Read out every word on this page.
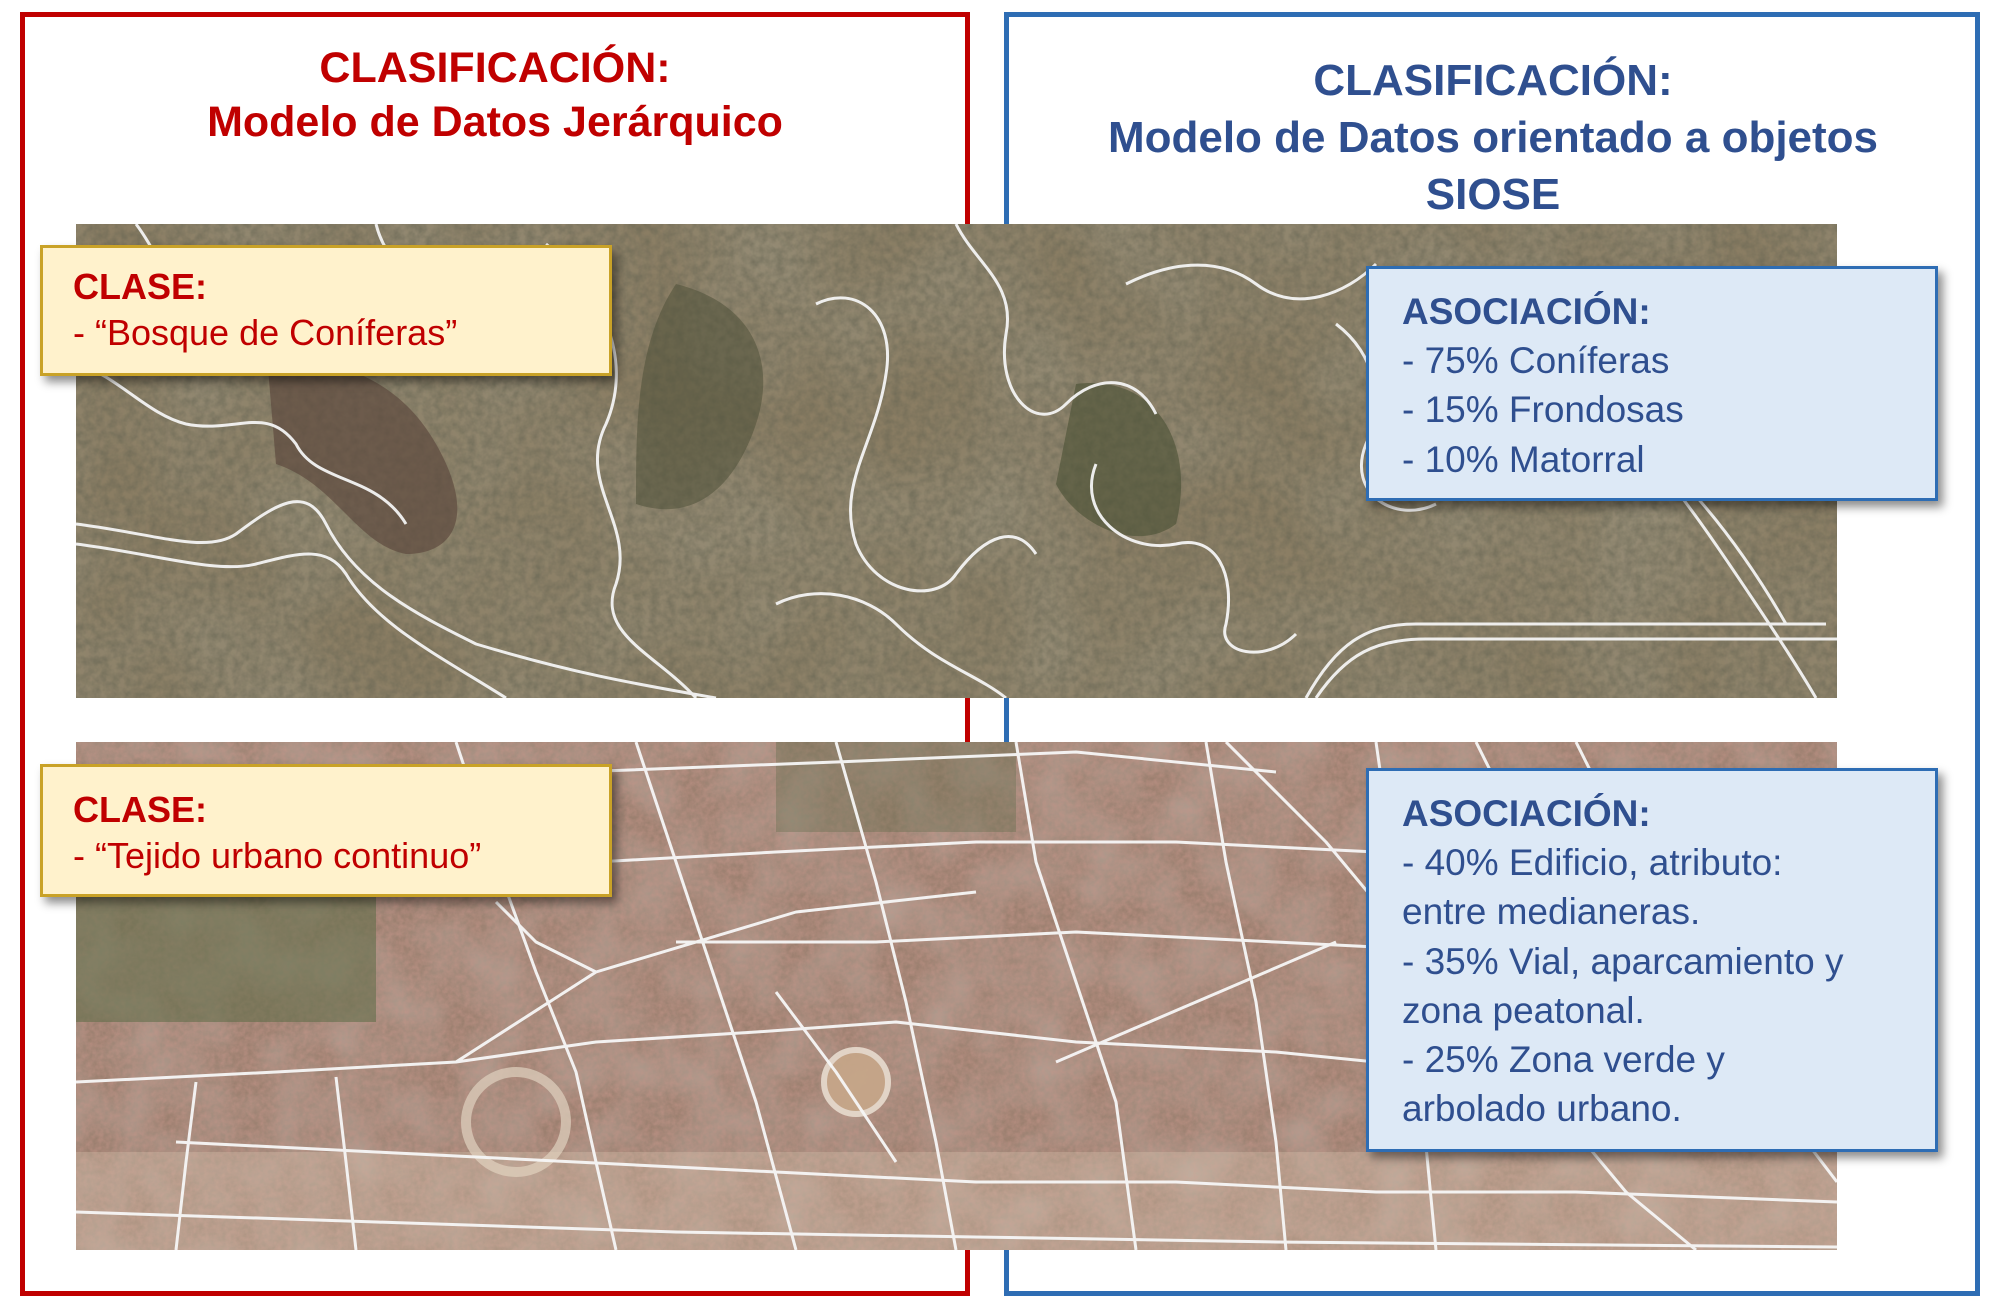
CLASIFICACIÓN:
Modelo de Datos Jerárquico
CLASIFICACIÓN:
Modelo de Datos orientado a objetos
SIOSE
CLASE:
- “Bosque de Coníferas”
CLASE:
- “Tejido urbano continuo”
ASOCIACIÓN:
- 75% Coníferas
- 15% Frondosas
- 10% Matorral
ASOCIACIÓN:
- 40% Edificio, atributo:
entre medianeras.
- 35% Vial, aparcamiento y
zona peatonal.
- 25% Zona verde y
arbolado urbano.
